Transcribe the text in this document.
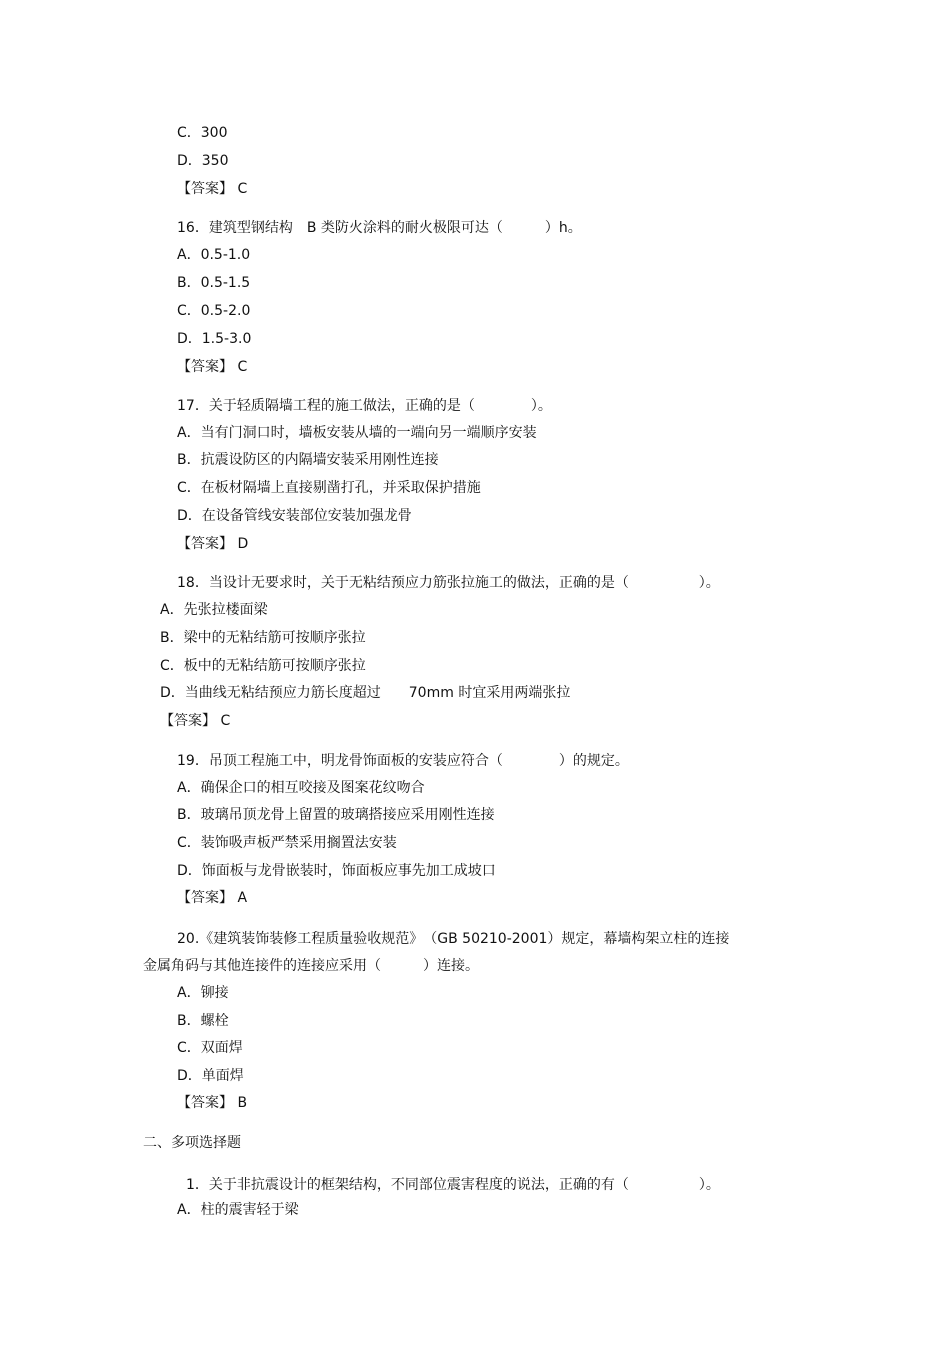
C．300
D．350
【答案】 C
16．建筑型钢结构　B 类防火涂料的耐火极限可达（　　　）h。
A．0.5-1.0
B．0.5-1.5
C．0.5-2.0
D．1.5-3.0
【答案】 C
17．关于轻质隔墙工程的施工做法，正确的是（　　　　）。
A．当有门洞口时，墙板安装从墙的一端向另一端顺序安装
B．抗震设防区的内隔墙安装采用刚性连接
C．在板材隔墙上直接剔凿打孔，并采取保护措施
D．在设备管线安装部位安装加强龙骨
【答案】 D
18．当设计无要求时，关于无粘结预应力筋张拉施工的做法，正确的是（　　　　　）。
A．先张拉楼面梁
B．梁中的无粘结筋可按顺序张拉
C．板中的无粘结筋可按顺序张拉
D．当曲线无粘结预应力筋长度超过　　70mm 时宜采用两端张拉
【答案】 C
19．吊顶工程施工中，明龙骨饰面板的安装应符合（　　　　）的规定。
A．确保企口的相互咬接及图案花纹吻合
B．玻璃吊顶龙骨上留置的玻璃搭接应采用刚性连接
C．装饰吸声板严禁采用搁置法安装
D．饰面板与龙骨嵌装时，饰面板应事先加工成坡口
【答案】 A
20.《建筑装饰装修工程质量验收规范》　（GB 50210-2001）规定，幕墙构架立柱的连接
金属角码与其他连接件的连接应采用（　　　）连接。
A．铆接
B．螺栓
C．双面焊
D．单面焊
【答案】 B
二、多项选择题
1．关于非抗震设计的框架结构，不同部位震害程度的说法，正确的有（　　　　　）。
A．柱的震害轻于梁
